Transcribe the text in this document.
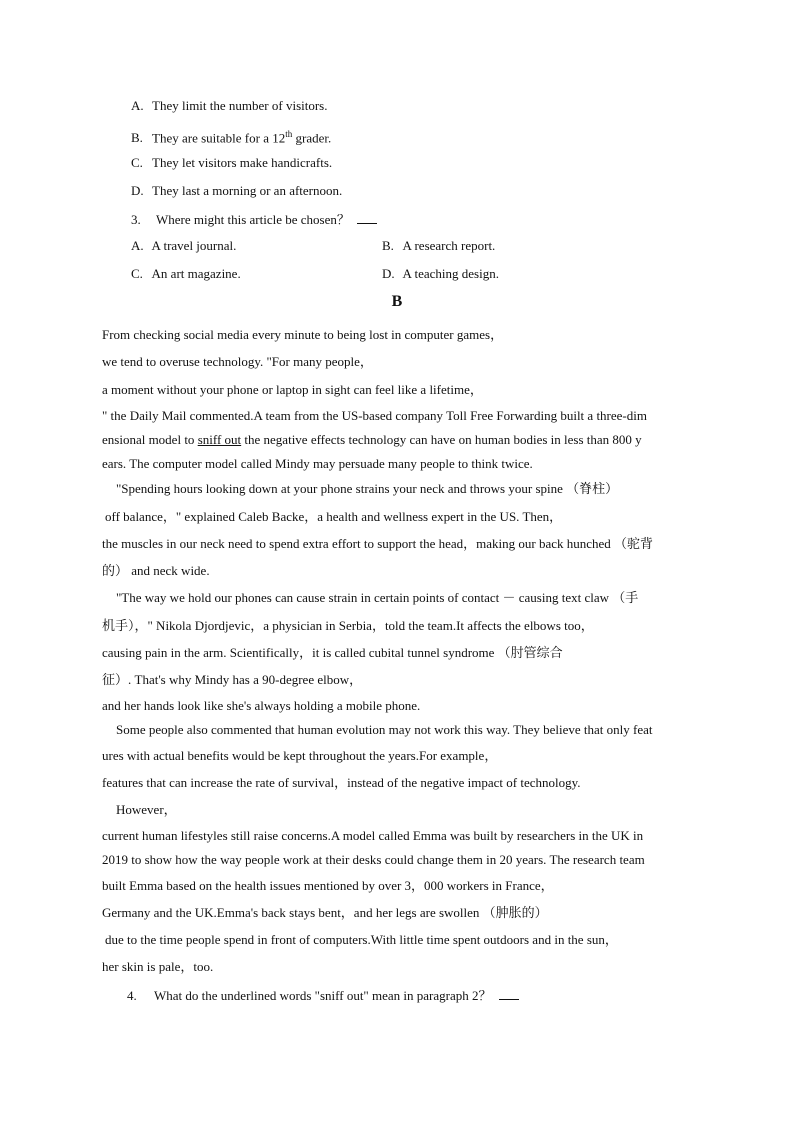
A. They limit the number of visitors.
B. They are suitable for a 12th grader.
C. They let visitors make handicrafts.
D. They last a morning or an afternoon.
3. Where might this article be chosen？
A. A travel journal.	B. A research report.
C. An art magazine.	D. A teaching design.
B
From checking social media every minute to being lost in computer games，
we tend to overuse technology. "For many people，
a moment without your phone or laptop in sight can feel like a lifetime，
" the Daily Mail commented.A team from the US-based company Toll Free Forwarding built a three-dim
ensional model to sniff out the negative effects technology can have on human bodies in less than 800 y
ears. The computer model called Mindy may persuade many people to think twice.
"Spending hours looking down at your phone strains your neck and throws your spine （脊柱）
off balance，" explained Caleb Backe，a health and wellness expert in the US. Then，
the muscles in our neck need to spend extra effort to support the head，making our back hunched （驼背
的） and neck wide.
"The way we hold our phones can cause strain in certain points of contact － causing text claw （手
机手），" Nikola Djordjevic，a physician in Serbia，told the team.It affects the elbows too，
causing pain in the arm. Scientifically，it is called cubital tunnel syndrome （肘管综合
征）. That's why Mindy has a 90-degree elbow，
and her hands look like she's always holding a mobile phone.
Some people also commented that human evolution may not work this way. They believe that only feat
ures with actual benefits would be kept throughout the years.For example，
features that can increase the rate of survival，instead of the negative impact of technology.
However，
current human lifestyles still raise concerns.A model called Emma was built by researchers in the UK in
2019 to show how the way people work at their desks could change them in 20 years. The research team
built Emma based on the health issues mentioned by over 3，000 workers in France，
Germany and the UK.Emma's back stays bent，and her legs are swollen （肿胀的）
due to the time people spend in front of computers.With little time spent outdoors and in the sun，
her skin is pale，too.
4. What do the underlined words "sniff out" mean in paragraph 2？
